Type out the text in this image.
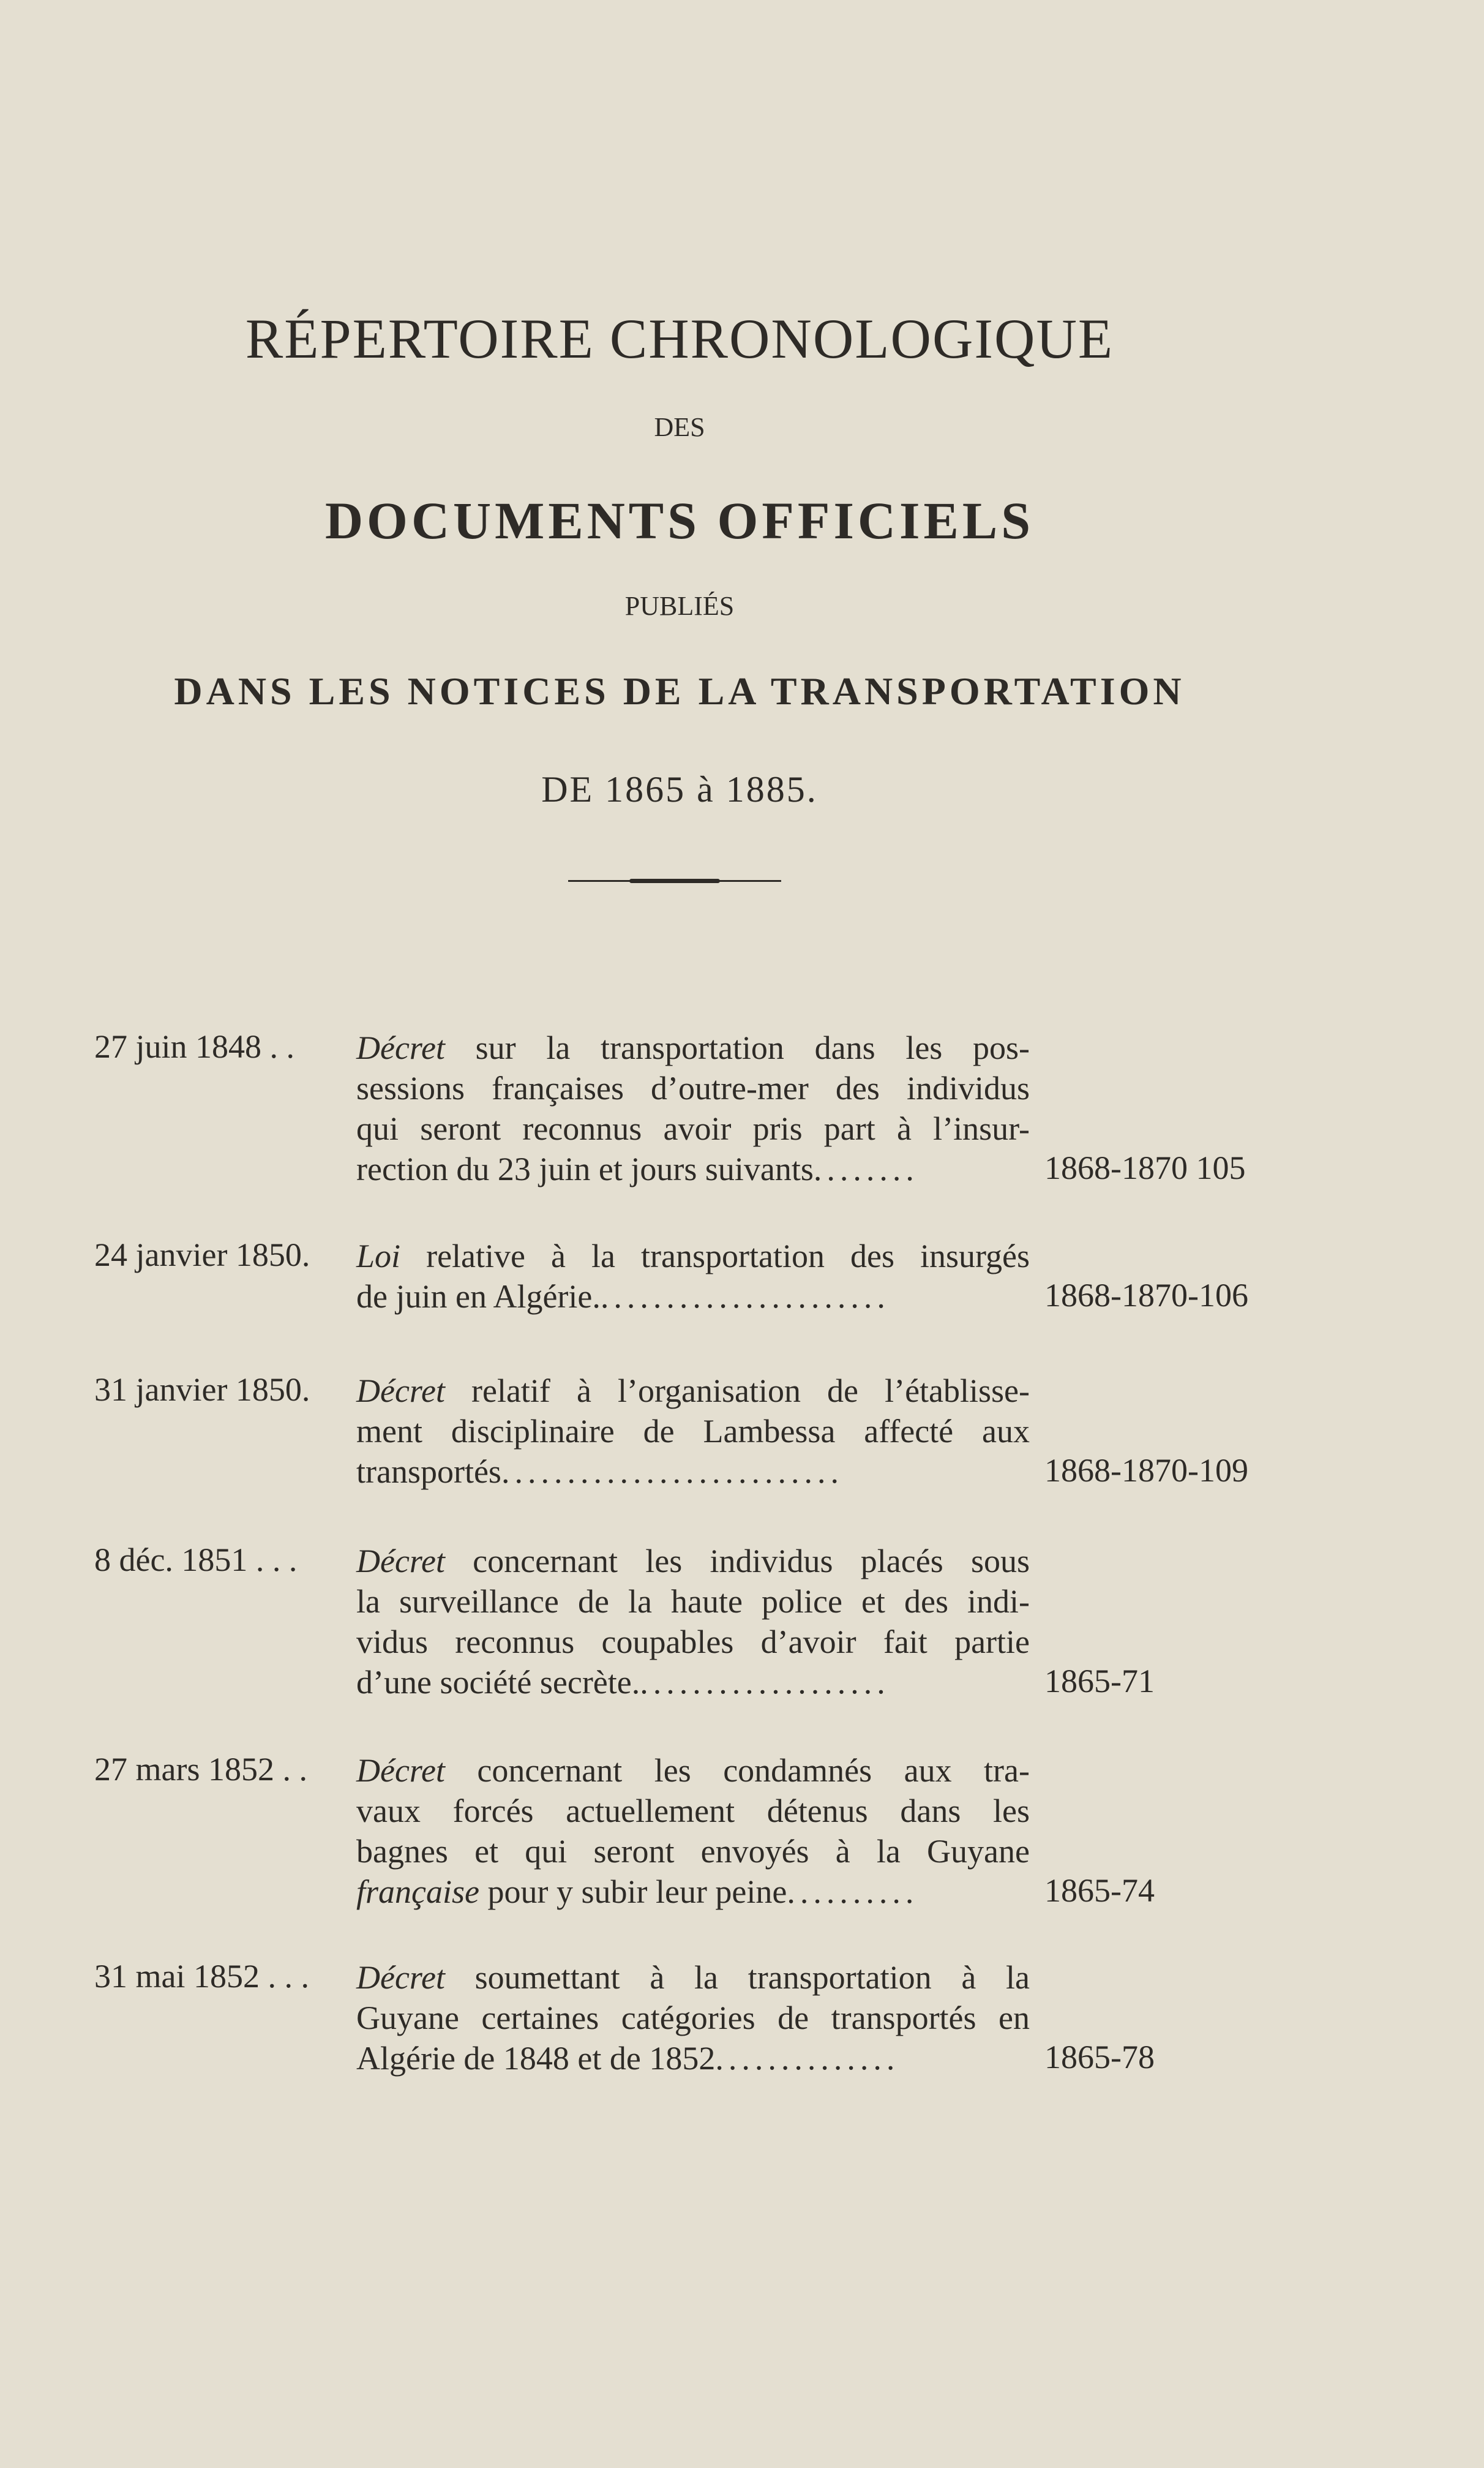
RÉPERTOIRE CHRONOLOGIQUE
DES
DOCUMENTS OFFICIELS
PUBLIÉS
DANS LES NOTICES DE LA TRANSPORTATION
DE 1865 à 1885.
27 juin 1848 . . Décret sur la transportation dans les pos-
sessions françaises d’outre-mer des individus
qui seront reconnus avoir pris part à l’insur-
rection du 23 juin et jours suivants........	1868-1870 105
24 janvier 1850. Loi relative à la transportation des insurgés
de juin en Algérie.......................	1868-1870-106
31 janvier 1850. Décret relatif à l’organisation de l’établisse-
ment disciplinaire de Lambessa affecté aux
transportés..........................	1868-1870-109
8 déc. 1851 . . . Décret concernant les individus placés sous
la surveillance de la haute police et des indi-
vidus reconnus coupables d’avoir fait partie
d’une société secrète....................	1865-71
27 mars 1852 . . Décret concernant les condamnés aux tra-
vaux forcés actuellement détenus dans les
bagnes et qui seront envoyés à la Guyane
française pour y subir leur peine..........	1865-74
31 mai 1852 . . . Décret soumettant à la transportation à la
Guyane certaines catégories de transportés en
Algérie de 1848 et de 1852..............	1865-78
